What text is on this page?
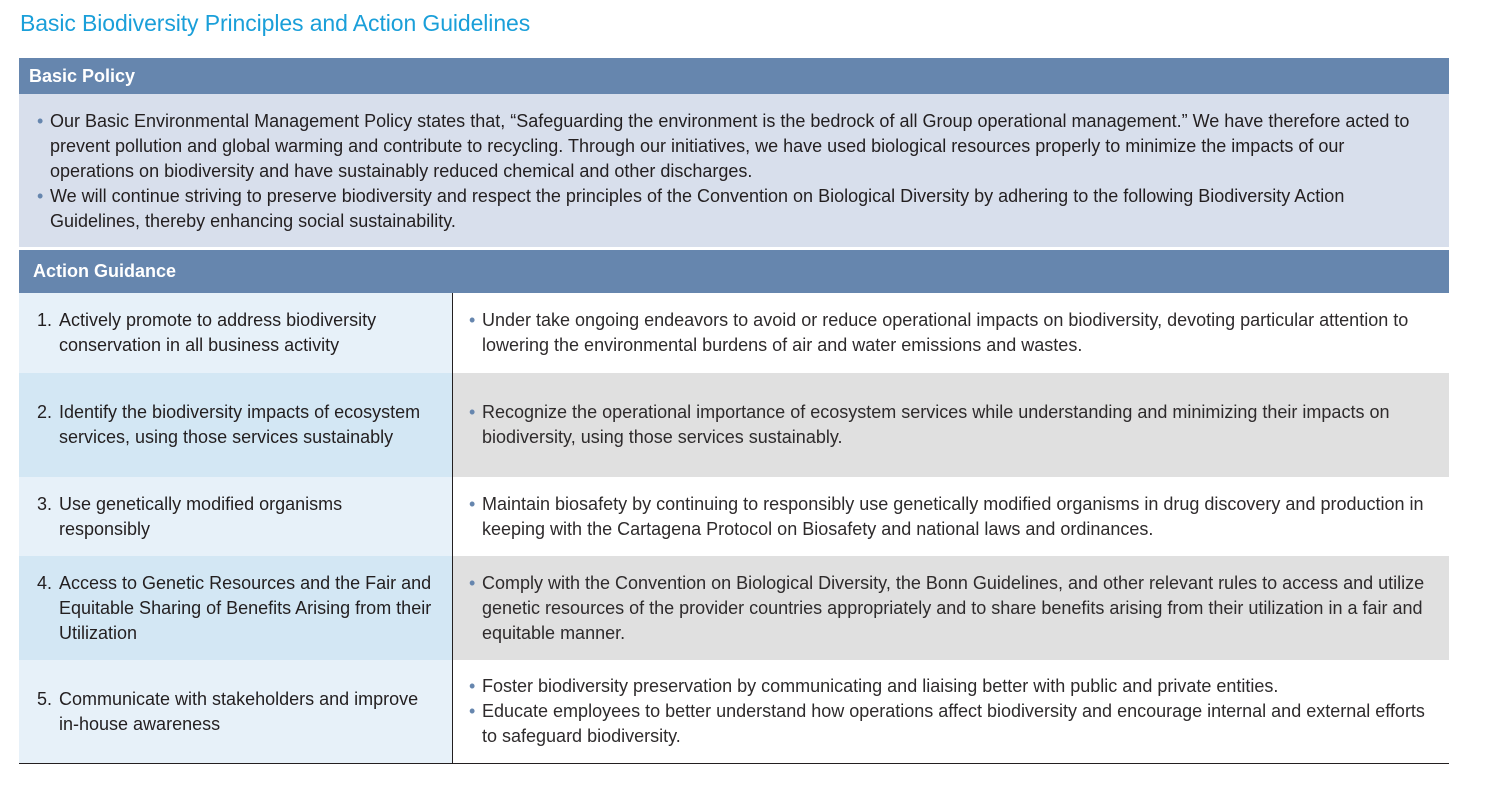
Basic Biodiversity Principles and Action Guidelines
Basic Policy
• Our Basic Environmental Management Policy states that, “Safeguarding the environment is the bedrock of all Group operational management.” We have therefore acted to prevent pollution and global warming and contribute to recycling. Through our initiatives, we have used biological resources properly to minimize the impacts of our operations on biodiversity and have sustainably reduced chemical and other discharges.
• We will continue striving to preserve biodiversity and respect the principles of the Convention on Biological Diversity by adhering to the following Biodiversity Action Guidelines, thereby enhancing social sustainability.
Action Guidance
1. Actively promote to address biodiversity conservation in all business activity
• Under take ongoing endeavors to avoid or reduce operational impacts on biodiversity, devoting particular attention to lowering the environmental burdens of air and water emissions and wastes.
2. Identify the biodiversity impacts of ecosystem services, using those services sustainably
• Recognize the operational importance of ecosystem services while understanding and minimizing their impacts on biodiversity, using those services sustainably.
3. Use genetically modified organisms responsibly
• Maintain biosafety by continuing to responsibly use genetically modified organisms in drug discovery and production in keeping with the Cartagena Protocol on Biosafety and national laws and ordinances.
4. Access to Genetic Resources and the Fair and Equitable Sharing of Benefits Arising from their Utilization
• Comply with the Convention on Biological Diversity, the Bonn Guidelines, and other relevant rules to access and utilize genetic resources of the provider countries appropriately and to share benefits arising from their utilization in a fair and equitable manner.
5. Communicate with stakeholders and improve in-house awareness
• Foster biodiversity preservation by communicating and liaising better with public and private entities.
• Educate employees to better understand how operations affect biodiversity and encourage internal and external efforts to safeguard biodiversity.
